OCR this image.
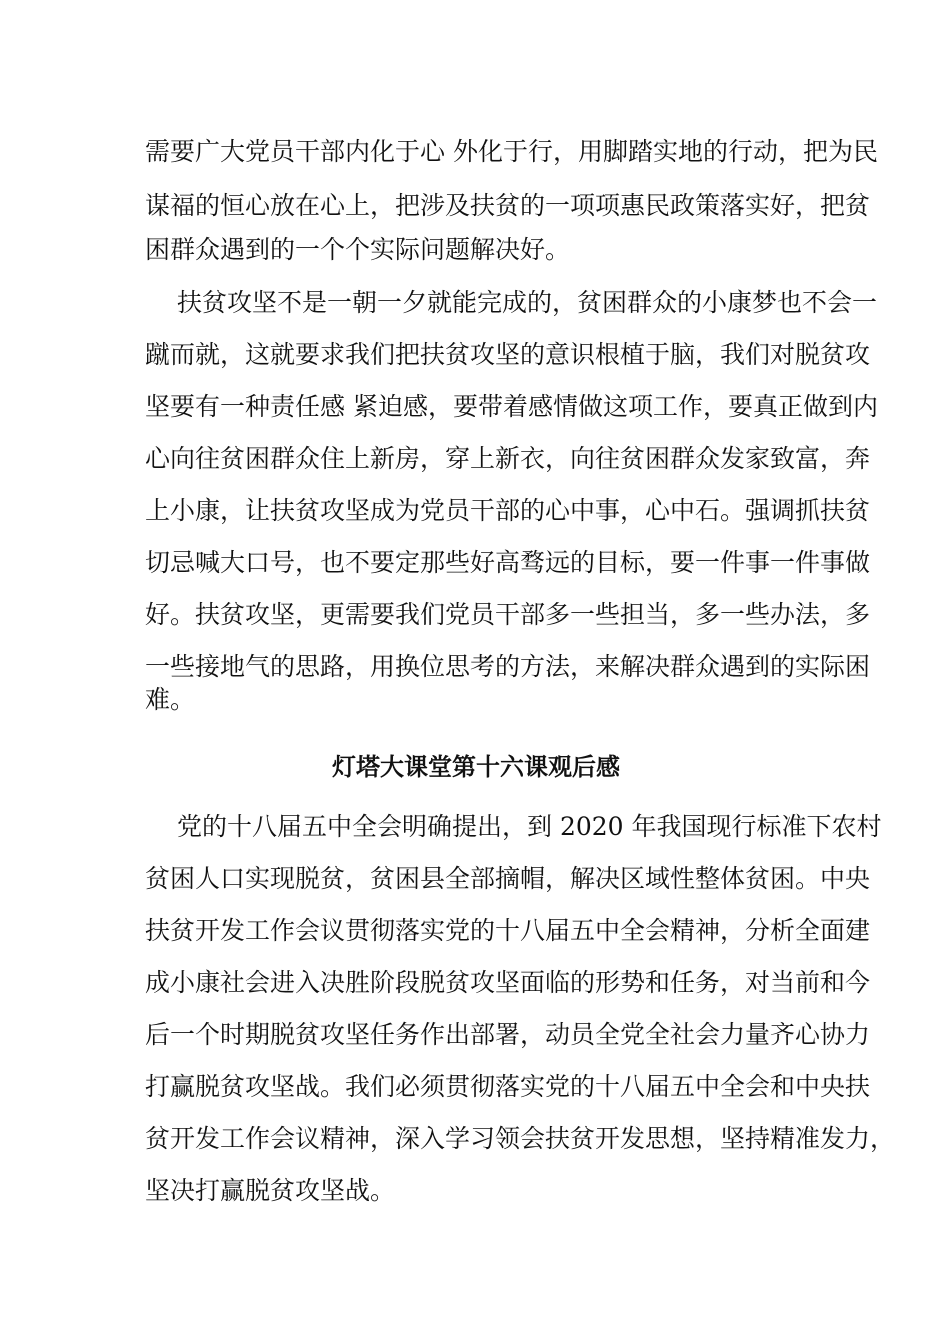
需要广大党员干部内化于心 外化于行，用脚踏实地的行动，把为民
谋福的恒心放在心上，把涉及扶贫的一项项惠民政策落实好，把贫
困群众遇到的一个个实际问题解决好。
扶贫攻坚不是一朝一夕就能完成的，贫困群众的小康梦也不会一
蹴而就，这就要求我们把扶贫攻坚的意识根植于脑，我们对脱贫攻
坚要有一种责任感 紧迫感，要带着感情做这项工作，要真正做到内
心向往贫困群众住上新房，穿上新衣，向往贫困群众发家致富，奔
上小康，让扶贫攻坚成为党员干部的心中事，心中石。强调抓扶贫
切忌喊大口号，也不要定那些好高骛远的目标，要一件事一件事做
好。扶贫攻坚，更需要我们党员干部多一些担当，多一些办法，多
一些接地气的思路，用换位思考的方法，来解决群众遇到的实际困
难。
灯塔大课堂第十六课观后感
党的十八届五中全会明确提出，到 2020 年我国现行标准下农村
贫困人口实现脱贫，贫困县全部摘帽，解决区域性整体贫困。中央
扶贫开发工作会议贯彻落实党的十八届五中全会精神，分析全面建
成小康社会进入决胜阶段脱贫攻坚面临的形势和任务，对当前和今
后一个时期脱贫攻坚任务作出部署，动员全党全社会力量齐心协力
打赢脱贫攻坚战。我们必须贯彻落实党的十八届五中全会和中央扶
贫开发工作会议精神，深入学习领会扶贫开发思想，坚持精准发力，
坚决打赢脱贫攻坚战。
